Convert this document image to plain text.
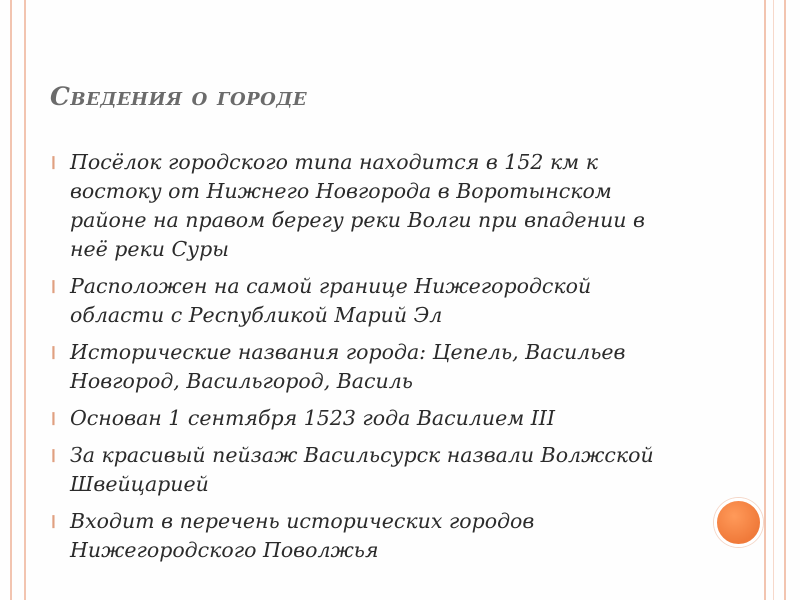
Сведения о городе
❙ Посёлок городского типа находится в 152 км к востоку от Нижнего Новгорода в Воротынском районе на правом берегу реки Волги при впадении в неё реки Суры
❙ Расположен на самой границе Нижегородской области с Республикой Марий Эл
❙ Исторические названия города: Цепель, Васильев Новгород, Васильгород, Василь
❙ Основан 1 сентября 1523 года Василием III
❙ За красивый пейзаж Васильсурск назвали Волжской Швейцарией
❙ Входит в перечень исторических городов Нижегородского Поволжья
